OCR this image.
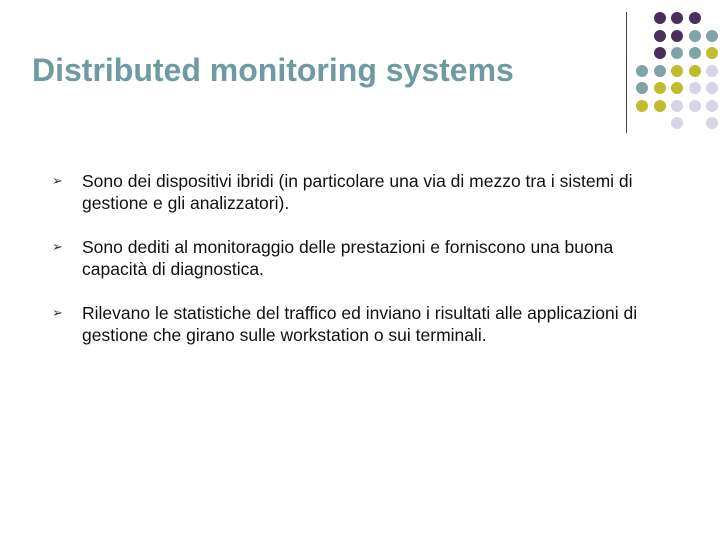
Distributed monitoring systems
➢ Sono dei dispositivi ibridi (in particolare una via di mezzo tra i sistemi di gestione e gli analizzatori).
➢ Sono dediti al monitoraggio delle prestazioni e forniscono una buona capacità di diagnostica.
➢ Rilevano le statistiche del traffico ed inviano i risultati alle applicazioni di gestione che girano sulle workstation o sui terminali.
